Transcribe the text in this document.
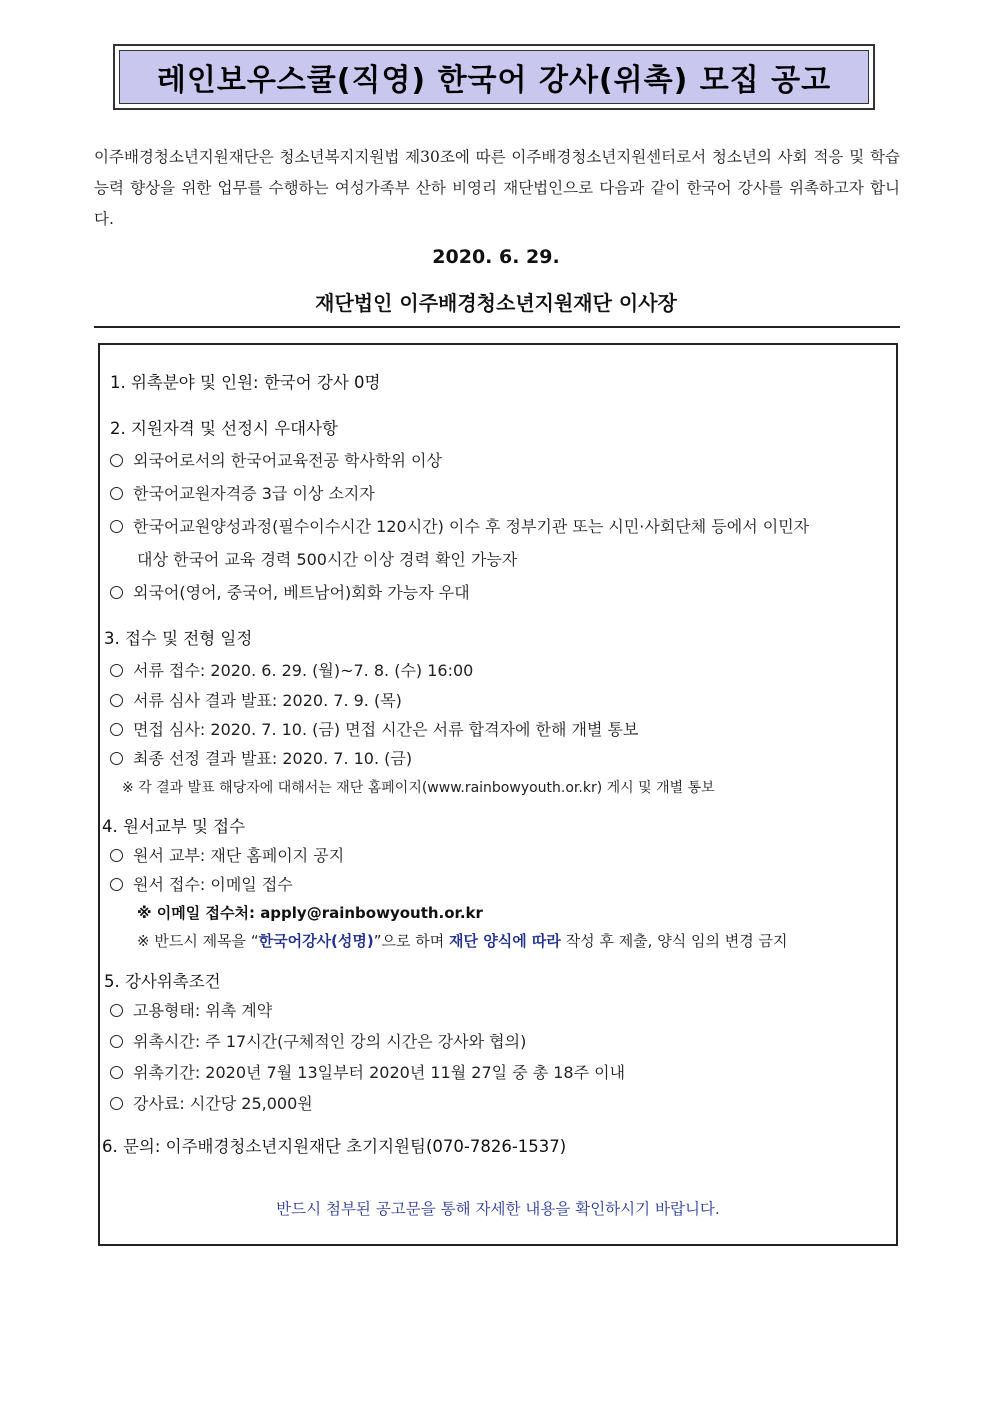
레인보우스쿨(직영) 한국어 강사(위촉) 모집 공고

이주배경청소년지원재단은 청소년복지지원법 제30조에 따른 이주배경청소년지원센터로서 청소년의 사회 적응 및 학습 능력 향상을 위한 업무를 수행하는 여성가족부 산하 비영리 재단법인으로 다음과 같이 한국어 강사를 위촉하고자 합니다.

2020. 6. 29.
재단법인 이주배경청소년지원재단 이사장
1. 위촉분야 및 인원: 한국어 강사 0명
2. 지원자격 및 선정시 우대사항
외국어로서의 한국어교육전공 학사학위 이상
한국어교원자격증 3급 이상 소지자
한국어교원양성과정(필수이수시간 120시간) 이수 후 정부기관 또는 시민·사회단체 등에서 이민자
대상 한국어 교육 경력 500시간 이상 경력 확인 가능자
외국어(영어, 중국어, 베트남어)회화 가능자 우대
3. 접수 및 전형 일정
서류 접수: 2020. 6. 29. (월)~7. 8. (수) 16:00
서류 심사 결과 발표: 2020. 7. 9. (목)
면접 심사: 2020. 7. 10. (금) 면접 시간은 서류 합격자에 한해 개별 통보
최종 선정 결과 발표: 2020. 7. 10. (금)
※ 각 결과 발표 해당자에 대해서는 재단 홈페이지(www.rainbowyouth.or.kr) 게시 및 개별 통보
4. 원서교부 및 접수
원서 교부: 재단 홈페이지 공지
원서 접수: 이메일 접수
※ 이메일 접수처: apply@rainbowyouth.or.kr
※ 반드시 제목을 “한국어강사(성명)”으로 하며 재단 양식에 따라 작성 후 제출, 양식 임의 변경 금지
5. 강사위촉조건
고용형태: 위촉 계약
위촉시간: 주 17시간(구체적인 강의 시간은 강사와 협의)
위촉기간: 2020년 7월 13일부터 2020년 11월 27일 중 총 18주 이내
강사료: 시간당 25,000원
6. 문의: 이주배경청소년지원재단 초기지원팀(070-7826-1537)
반드시 첨부된 공고문을 통해 자세한 내용을 확인하시기 바랍니다.
